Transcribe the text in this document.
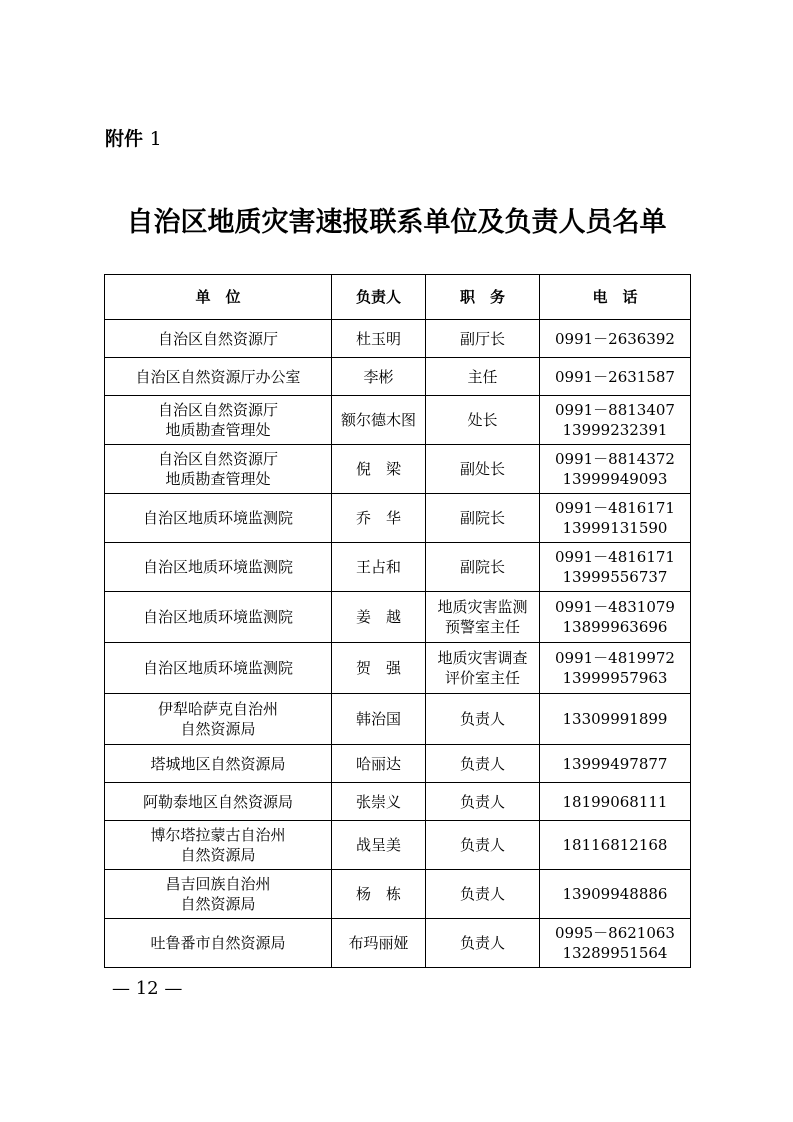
附件 1
自治区地质灾害速报联系单位及负责人员名单
单　位	负责人	职　务	电　话

自治区自然资源厅	杜玉明	副厅长	0991－2636392

自治区自然资源厅办公室	李彬	主任	0991－2631587

自治区自然资源厅
地质勘查管理处	额尔德木图	处长	0991－8813407
13999232391

自治区自然资源厅
地质勘查管理处	倪　梁	副处长	0991－8814372
13999949093

自治区地质环境监测院	乔　华	副院长	0991－4816171
13999131590

自治区地质环境监测院	王占和	副院长	0991－4816171
13999556737

自治区地质环境监测院	姜　越	地质灾害监测
预警室主任	0991－4831079
13899963696

自治区地质环境监测院	贺　强	地质灾害调查
评价室主任	0991－4819972
13999957963

伊犁哈萨克自治州
自然资源局	韩治国	负责人	13309991899

塔城地区自然资源局	哈丽达	负责人	13999497877

阿勒泰地区自然资源局	张崇义	负责人	18199068111

博尔塔拉蒙古自治州
自然资源局	战呈美	负责人	18116812168

昌吉回族自治州
自然资源局	杨　栋	负责人	13909948886

吐鲁番市自然资源局	布玛丽娅	负责人	0995－8621063
13289951564
— 12 —
